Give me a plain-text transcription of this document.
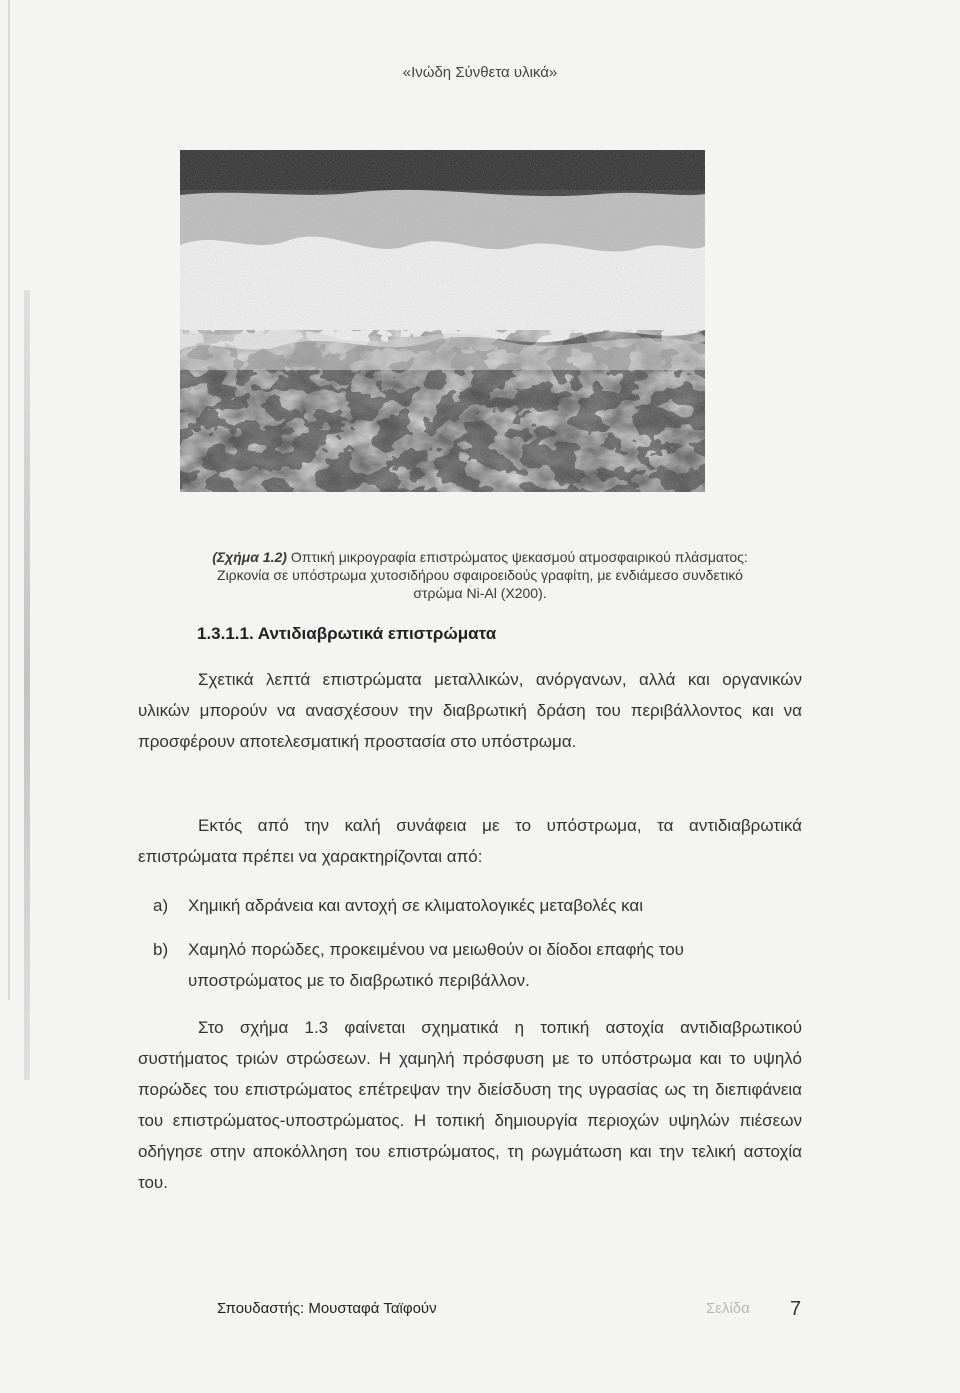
«Ινώδη Σύνθετα υλικά»
(Σχήμα 1.2) Οπτική μικρογραφία επιστρώματος ψεκασμού ατμοσφαιρικού πλάσματος:
Ζιρκονία σε υπόστρωμα χυτοσιδήρου σφαιροειδούς γραφίτη, με ενδιάμεσο συνδετικό
στρώμα Ni-Al (X200).
1.3.1.1. Αντιδιαβρωτικά επιστρώματα
Σχετικά λεπτά επιστρώματα μεταλλικών, ανόργανων, αλλά και οργανικών υλικών μπορούν να ανασχέσουν την διαβρωτική δράση του περιβάλλοντος και να προσφέρουν αποτελεσματική προστασία στο υπόστρωμα.
Εκτός από την καλή συνάφεια με το υπόστρωμα, τα αντιδιαβρωτικά επιστρώματα πρέπει να χαρακτηρίζονται από:
a) Χημική αδράνεια και αντοχή σε κλιματολογικές μεταβολές και
b) Χαμηλό πορώδες, προκειμένου να μειωθούν οι δίοδοι επαφής του
υποστρώματος με το διαβρωτικό περιβάλλον.
Στο σχήμα 1.3 φαίνεται σχηματικά η τοπική αστοχία αντιδιαβρωτικού συστήματος τριών στρώσεων. Η χαμηλή πρόσφυση με το υπόστρωμα και το υψηλό πορώδες του επιστρώματος επέτρεψαν την διείσδυση της υγρασίας ως τη διεπιφάνεια του επιστρώματος-υποστρώματος. Η τοπική δημιουργία περιοχών υψηλών πιέσεων οδήγησε στην αποκόλληση του επιστρώματος, τη ρωγμάτωση και την τελική αστοχία του.
Σπουδαστής: Μουσταφά Ταϊφούν	Σελίδα 7
